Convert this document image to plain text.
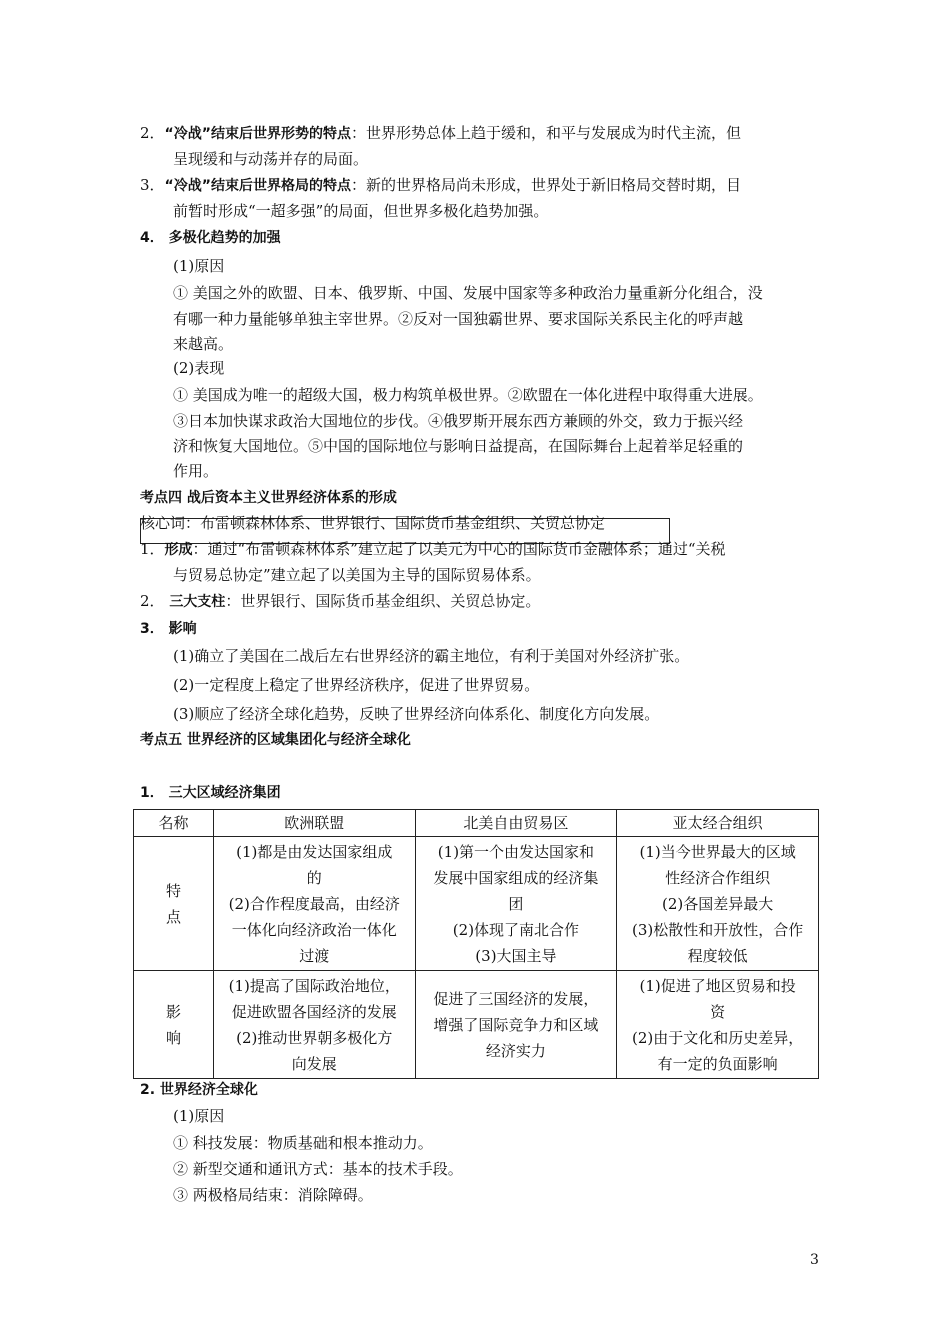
2．“冷战”结束后世界形势的特点：世界形势总体上趋于缓和，和平与发展成为时代主流，但
呈现缓和与动荡并存的局面。
3．“冷战”结束后世界格局的特点：新的世界格局尚未形成，世界处于新旧格局交替时期，目
前暂时形成“一超多强”的局面，但世界多极化趋势加强。
4． 多极化趋势的加强
(1)原因
① 美国之外的欧盟、日本、俄罗斯、中国、发展中国家等多种政治力量重新分化组合，没
有哪一种力量能够单独主宰世界。②反对一国独霸世界、要求国际关系民主化的呼声越
来越高。
(2)表现
① 美国成为唯一的超级大国，极力构筑单极世界。②欧盟在一体化进程中取得重大进展。
③日本加快谋求政治大国地位的步伐。④俄罗斯开展东西方兼顾的外交，致力于振兴经
济和恢复大国地位。⑤中国的国际地位与影响日益提高，在国际舞台上起着举足轻重的
作用。
考点四 战后资本主义世界经济体系的形成
核心词：布雷顿森林体系、世界银行、国际货币基金组织、关贸总协定
1．形成：通过“布雷顿森林体系”建立起了以美元为中心的国际货币金融体系；通过“关税
与贸易总协定”建立起了以美国为主导的国际贸易体系。
2． 三大支柱：世界银行、国际货币基金组织、关贸总协定。
3． 影响
(1)确立了美国在二战后左右世界经济的霸主地位，有利于美国对外经济扩张。
(2)一定程度上稳定了世界经济秩序，促进了世界贸易。
(3)顺应了经济全球化趋势，反映了世界经济向体系化、制度化方向发展。
考点五 世界经济的区域集团化与经济全球化
1． 三大区域经济集团
名称	欧洲联盟	北美自由贸易区	亚太经合组织

特
点	(1)都是由发达国家组成
的
(2)合作程度最高，由经济
一体化向经济政治一体化
过渡	(1)第一个由发达国家和
发展中国家组成的经济集
团
(2)体现了南北合作
(3)大国主导	(1)当今世界最大的区域
性经济合作组织
(2)各国差异最大
(3)松散性和开放性，合作
程度较低

影
响	(1)提高了国际政治地位，
促进欧盟各国经济的发展
(2)推动世界朝多极化方
向发展	促进了三国经济的发展，
增强了国际竞争力和区域
经济实力	(1)促进了地区贸易和投
资
(2)由于文化和历史差异，
有一定的负面影响
2. 世界经济全球化
(1)原因
① 科技发展：物质基础和根本推动力。
② 新型交通和通讯方式：基本的技术手段。
③ 两极格局结束：消除障碍。
3
